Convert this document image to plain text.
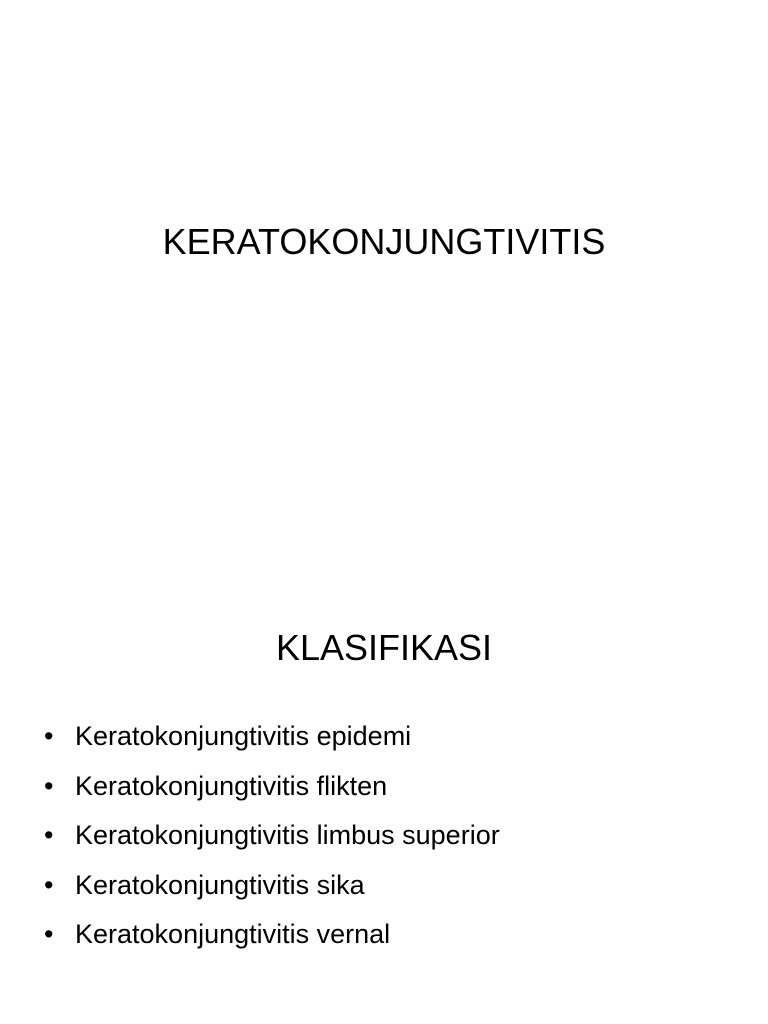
KERATOKONJUNGTIVITIS
KLASIFIKASI
• Keratokonjungtivitis epidemi
• Keratokonjungtivitis flikten
• Keratokonjungtivitis limbus superior
• Keratokonjungtivitis sika
• Keratokonjungtivitis vernal
